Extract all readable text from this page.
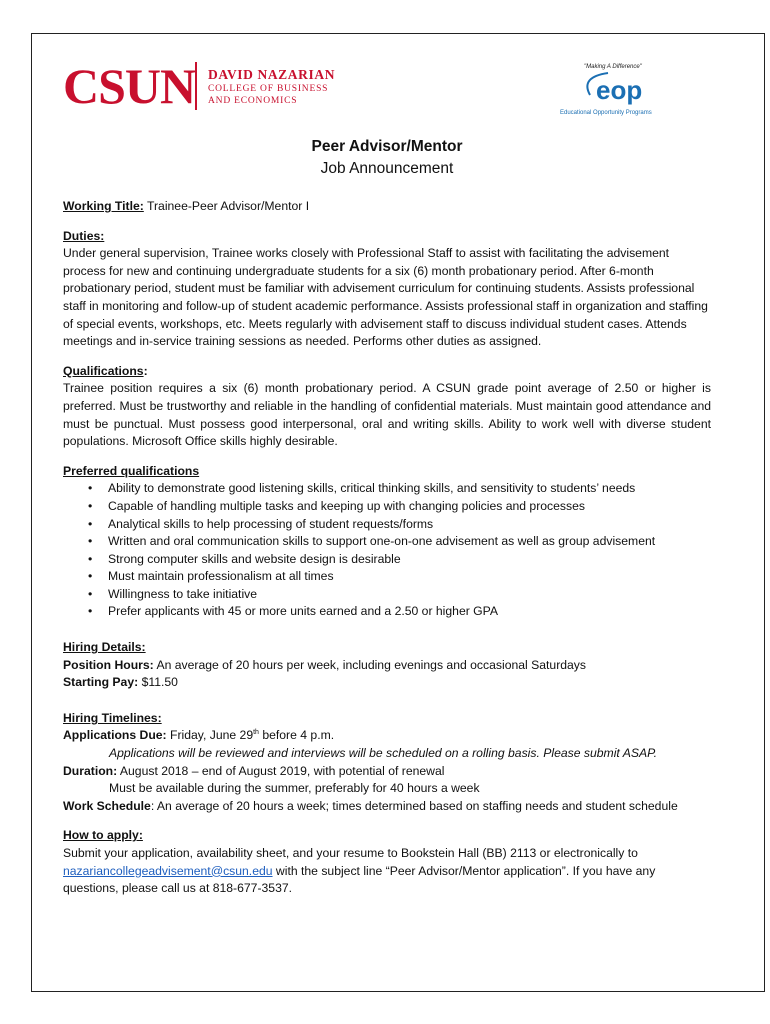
CSUN DAVID NAZARIAN
COLLEGE OF BUSINESS
AND ECONOMICS
"Making A Difference"
eop
Educational Opportunity Programs
Peer Advisor/Mentor
Job Announcement
Working Title: Trainee-Peer Advisor/Mentor I
Duties:

Under general supervision, Trainee works closely with Professional Staff to assist with facilitating the advisement process for new and continuing undergraduate students for a six (6) month probationary period. After 6-month probationary period, student must be familiar with advisement curriculum for continuing students. Assists professional staff in monitoring and follow-up of student academic performance. Assists professional staff in organization and staffing of special events, workshops, etc. Meets regularly with advisement staff to discuss individual student cases. Attends meetings and in-service training sessions as needed. Performs other duties as assigned.

Qualifications:

Trainee position requires a six (6) month probationary period. A CSUN grade point average of 2.50 or higher is preferred. Must be trustworthy and reliable in the handling of confidential materials. Must maintain good attendance and must be punctual. Must possess good interpersonal, oral and writing skills. Ability to work well with diverse student populations. Microsoft Office skills highly desirable.

Preferred qualifications
• Ability to demonstrate good listening skills, critical thinking skills, and sensitivity to students’ needs
• Capable of handling multiple tasks and keeping up with changing policies and processes
• Analytical skills to help processing of student requests/forms
• Written and oral communication skills to support one-on-one advisement as well as group advisement
• Strong computer skills and website design is desirable
• Must maintain professionalism at all times
• Willingness to take initiative
• Prefer applicants with 45 or more units earned and a 2.50 or higher GPA
Hiring Details:
Position Hours: An average of 20 hours per week, including evenings and occasional Saturdays
Starting Pay: $11.50
Hiring Timelines:
Applications Due: Friday, June 29th before 4 p.m.
Applications will be reviewed and interviews will be scheduled on a rolling basis. Please submit ASAP.
Duration: August 2018 – end of August 2019, with potential of renewal
Must be available during the summer, preferably for 40 hours a week
Work Schedule: An average of 20 hours a week; times determined based on staffing needs and student schedule
How to apply:

Submit your application, availability sheet, and your resume to Bookstein Hall (BB) 2113 or electronically to
nazariancollegeadvisement@csun.edu with the subject line “Peer Advisor/Mentor application”. If you have any questions, please call us at 818-677-3537.
